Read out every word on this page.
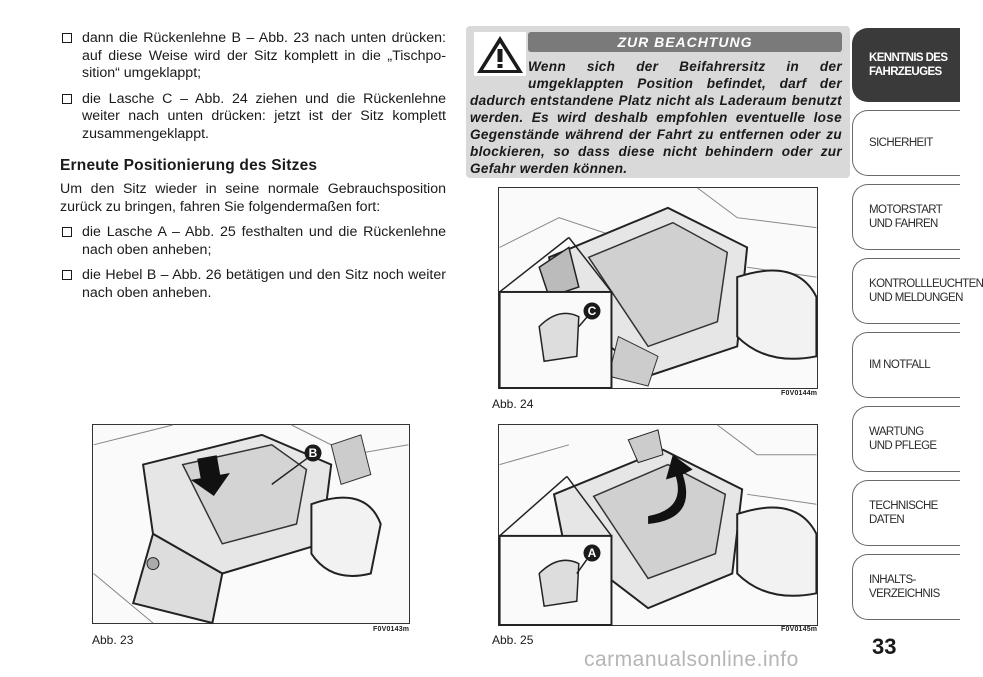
dann die Rückenlehne B – Abb. 23 nach unten drücken: auf diese Weise wird der Sitz komplett in die „Tischposition“ umgeklappt;
die Lasche C – Abb. 24 ziehen und die Rückenlehne weiter nach unten drücken: jetzt ist der Sitz komplett zusammengeklappt.
Erneute Positionierung des Sitzes
Um den Sitz wieder in seine normale Gebrauchsposition zurück zu bringen, fahren Sie folgendermaßen fort:
die Lasche A – Abb. 25 festhalten und die Rückenlehne nach oben anheben;
die Hebel B – Abb. 26 betätigen und den Sitz noch weiter nach oben anheben.
ZUR BEACHTUNG
Wenn sich der Beifahrersitz in der umgeklappten Position befindet, darf der dadurch entstandene Platz nicht als Laderaum benutzt werden. Es wird deshalb empfohlen eventuelle lose Gegenstände während der Fahrt zu entfernen oder zu blockieren, so dass diese nicht behindern oder zur Gefahr werden können.
C
Abb. 24
F0V0144m
B
Abb. 23
F0V0143m
A
Abb. 25
F0V0145m
KENNTNIS DES
FAHRZEUGES
SICHERHEIT
MOTORSTART
UND FAHREN
KONTROLLLEUCHTEN
UND MELDUNGEN
IM NOTFALL
WARTUNG
UND PFLEGE
TECHNISCHE DATEN
INHALTS-
VERZEICHNIS
33
carmanualsonline.info
